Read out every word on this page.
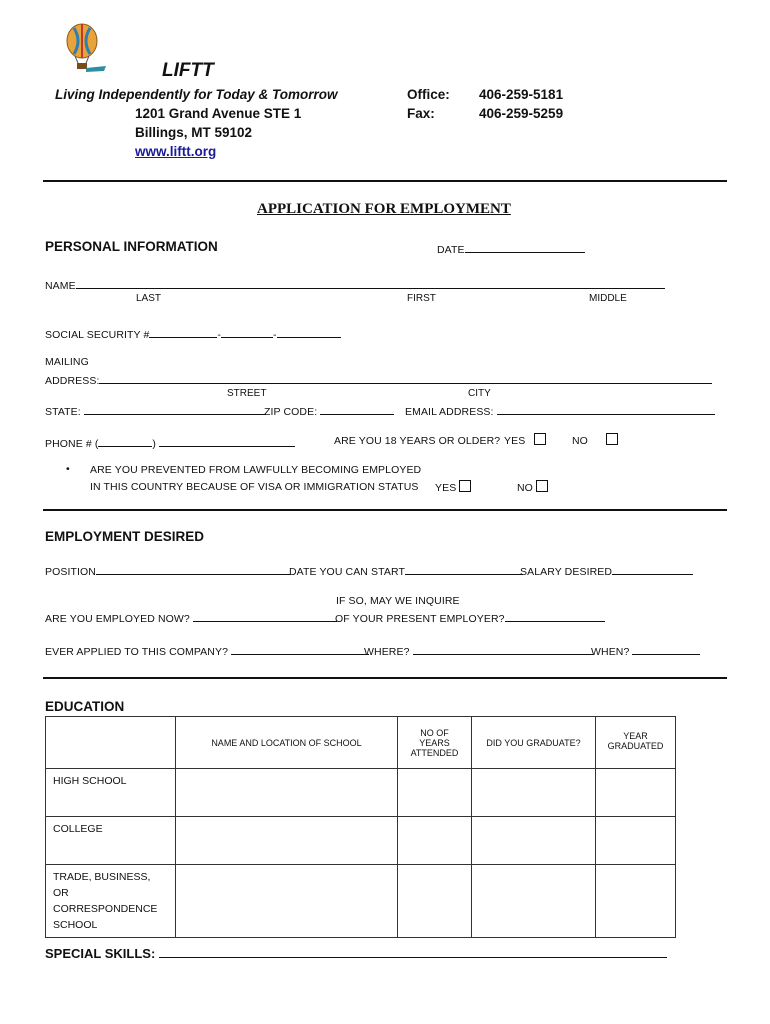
LIFTT
Living Independently for Today & Tomorrow
1201 Grand Avenue STE 1
Billings, MT 59102
www.liftt.org
Office: 406-259-5181
Fax:	406-259-5259
APPLICATION FOR EMPLOYMENT
PERSONAL INFORMATION	DATE
NAME
LAST	FIRST	MIDDLE
SOCIAL SECURITY #	-	-
MAILING
ADDRESS:
STREET	CITY
STATE:	ZIP CODE:	EMAIL ADDRESS:
PHONE # (	)	ARE YOU 18 YEARS OR OLDER? YES	NO
• ARE YOU PREVENTED FROM LAWFULLY BECOMING EMPLOYED
IN THIS COUNTRY BECAUSE OF VISA OR IMMIGRATION STATUS YES	NO
EMPLOYMENT DESIRED
POSITION	DATE YOU CAN START	SALARY DESIRED
IF SO, MAY WE INQUIRE
ARE YOU EMPLOYED NOW?	OF YOUR PRESENT EMPLOYER?
EVER APPLIED TO THIS COMPANY?	WHERE?	WHEN?
EDUCATION
	NAME AND LOCATION OF SCHOOL	NO OF YEARS ATTENDED	DID YOU GRADUATE?	YEAR GRADUATED
HIGH SCHOOL				
COLLEGE				
TRADE, BUSINESS, OR CORRESPONDENCE SCHOOL				
SPECIAL SKILLS:
